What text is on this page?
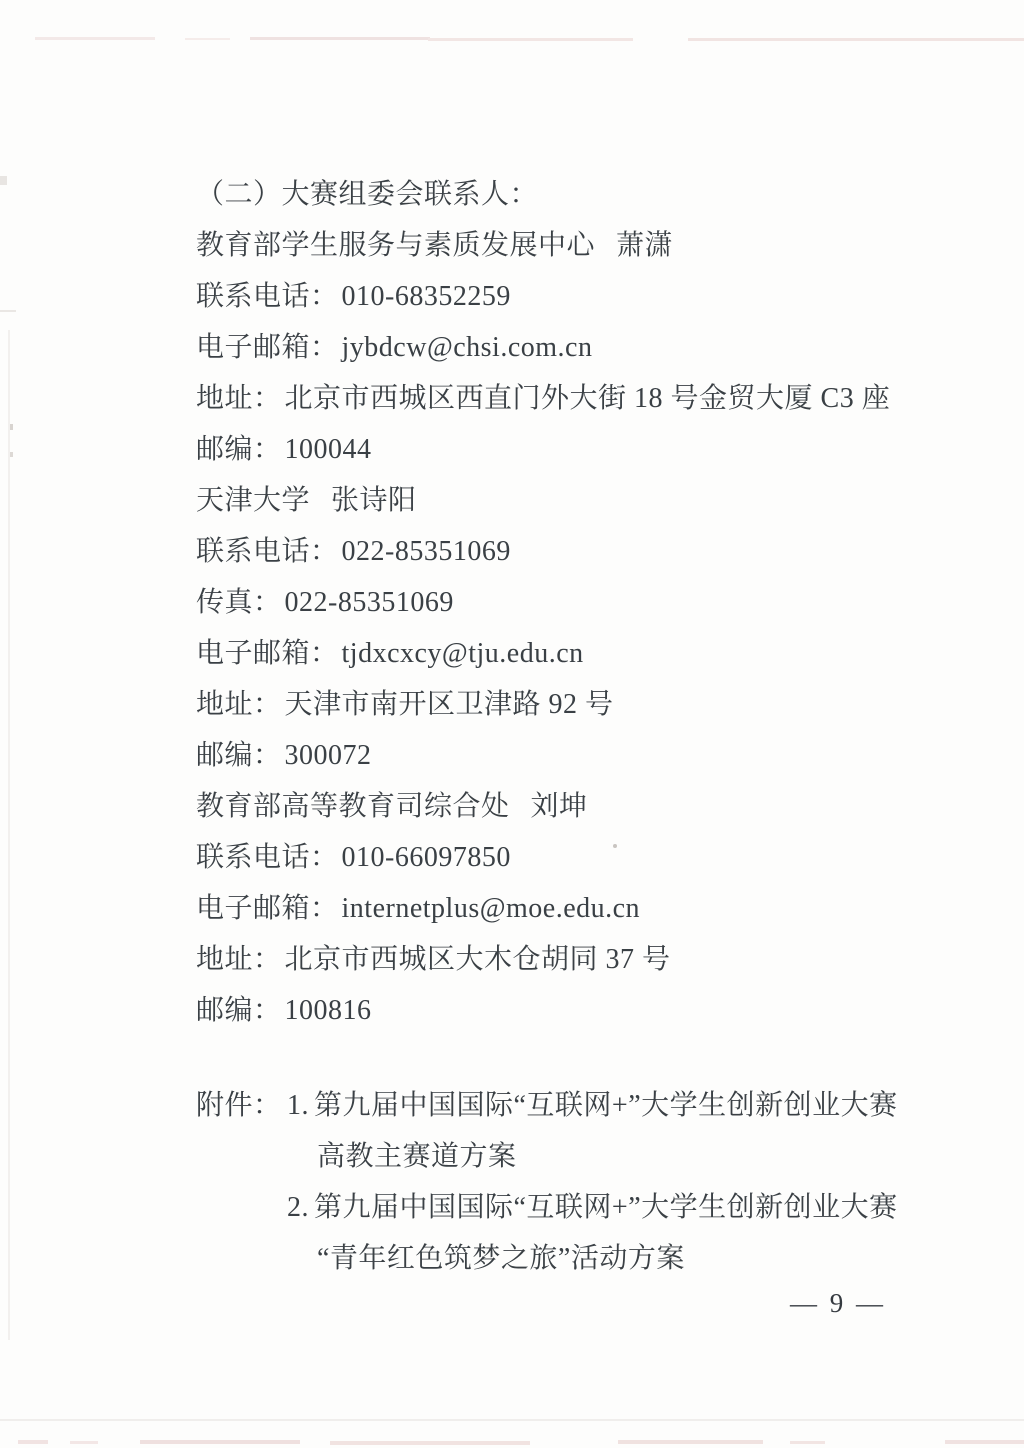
（二）大赛组委会联系人：

教育部学生服务与素质发展中心 萧潇

联系电话： 010-68352259

电子邮箱： jybdcw@chsi.com.cn

地址： 北京市西城区西直门外大街 18 号金贸大厦 C3 座

邮编： 100044

天津大学 张诗阳

联系电话： 022-85351069

传真： 022-85351069

电子邮箱： tjdxcxcy@tju.edu.cn

地址： 天津市南开区卫津路 92 号

邮编： 300072

教育部高等教育司综合处 刘坤

联系电话： 010-66097850

电子邮箱： internetplus@moe.edu.cn

地址： 北京市西城区大木仓胡同 37 号

邮编： 100816

附件： 1. 第九届中国国际“互联网+”大学生创新创业大赛

高教主赛道方案

2. 第九届中国国际“互联网+”大学生创新创业大赛

“青年红色筑梦之旅”活动方案

— 9 —
